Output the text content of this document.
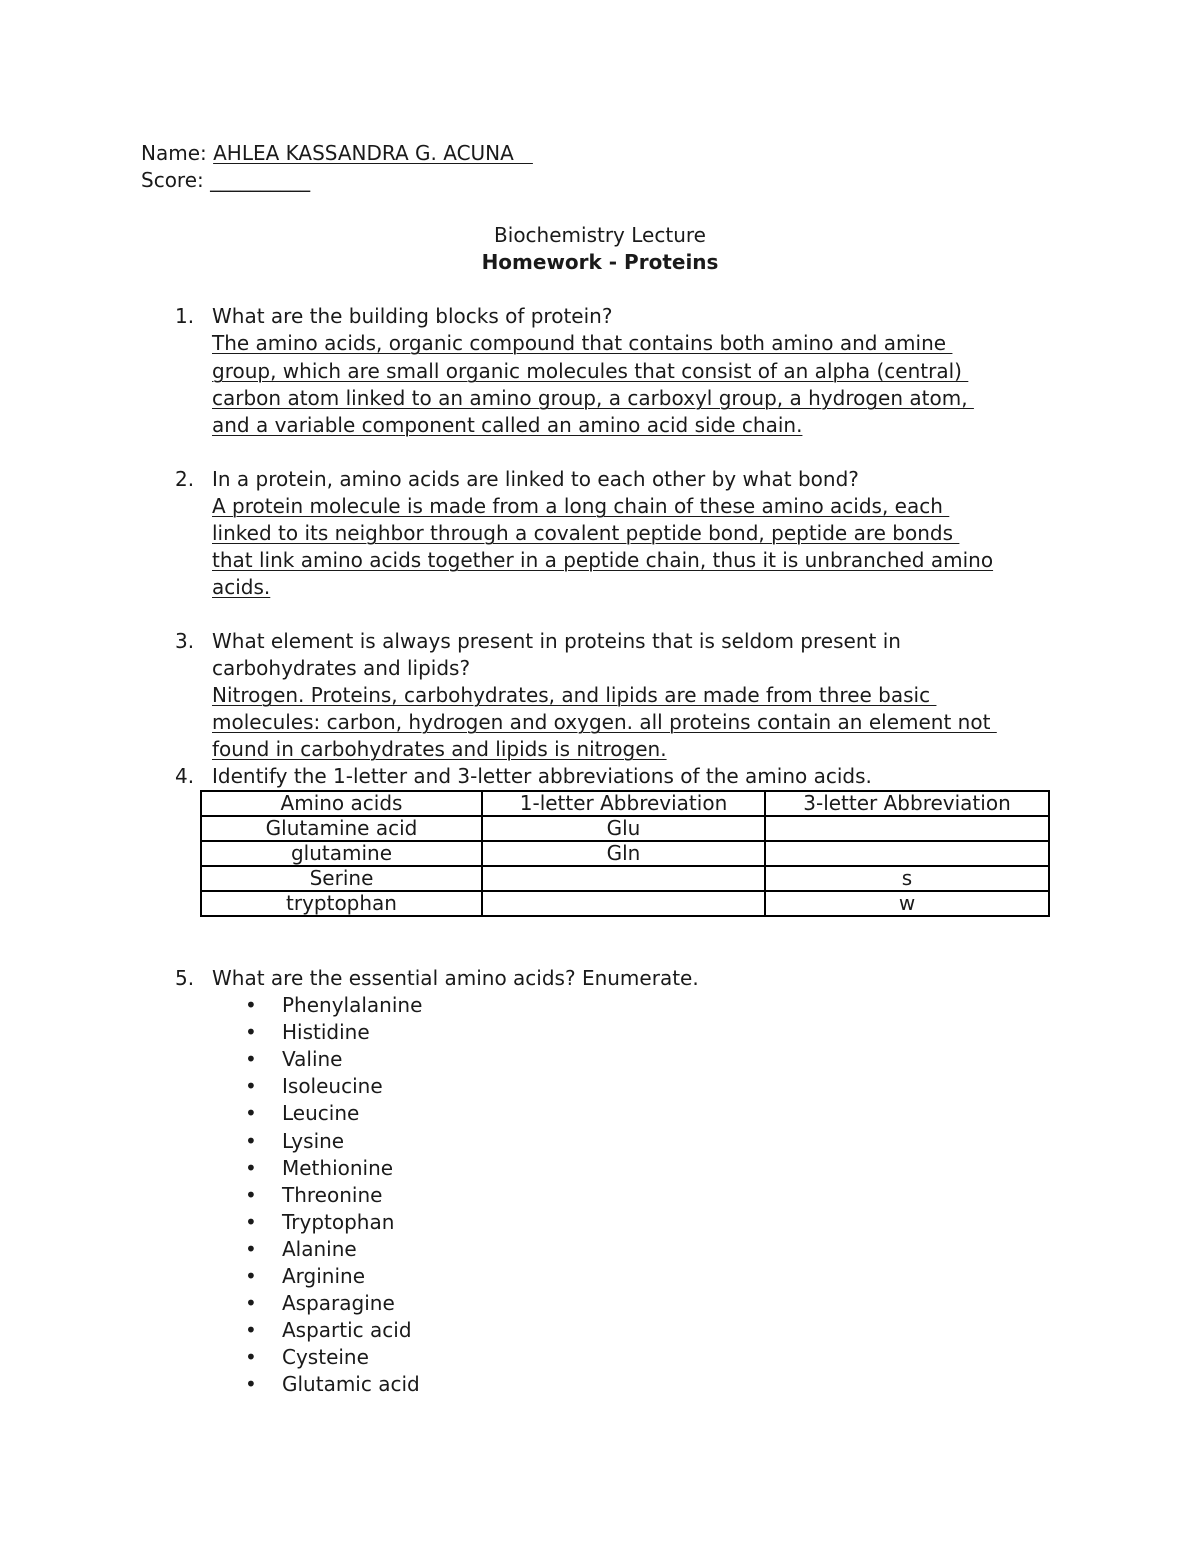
Name: AHLEA KASSANDRA G. ACUNA
Score: __________
Biochemistry Lecture
Homework - Proteins
1. What are the building blocks of protein?
The amino acids, organic compound that contains both amino and amine
group, which are small organic molecules that consist of an alpha (central)
carbon atom linked to an amino group, a carboxyl group, a hydrogen atom,
and a variable component called an amino acid side chain.
2. In a protein, amino acids are linked to each other by what bond?
A protein molecule is made from a long chain of these amino acids, each
linked to its neighbor through a covalent peptide bond, peptide are bonds
that link amino acids together in a peptide chain, thus it is unbranched amino
acids.
3. What element is always present in proteins that is seldom present in
carbohydrates and lipids?
Nitrogen. Proteins, carbohydrates, and lipids are made from three basic
molecules: carbon, hydrogen and oxygen. all proteins contain an element not
found in carbohydrates and lipids is nitrogen.
4. Identify the 1-letter and 3-letter abbreviations of the amino acids.
Amino acids	1-letter Abbreviation	3-letter Abbreviation
Glutamine acid	Glu	
glutamine	Gln	
Serine		s
tryptophan		w
5. What are the essential amino acids? Enumerate.
• Phenylalanine
• Histidine
• Valine
• Isoleucine
• Leucine
• Lysine
• Methionine
• Threonine
• Tryptophan
• Alanine
• Arginine
• Asparagine
• Aspartic acid
• Cysteine
• Glutamic acid
